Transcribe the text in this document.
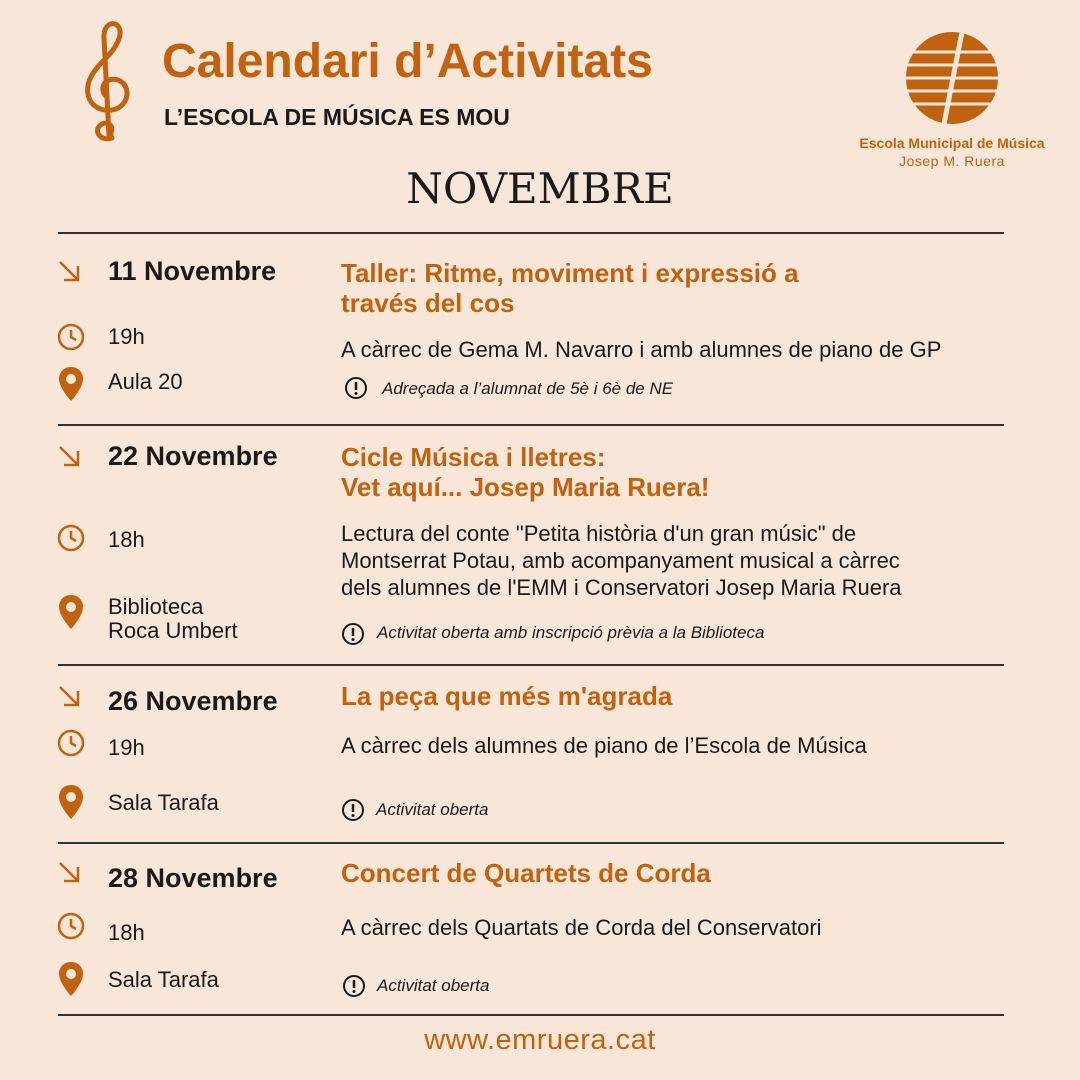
Calendari d’Activitats
L’ESCOLA DE MÚSICA ES MOU
Escola Municipal de Música
Josep M. Ruera
NOVEMBRE
11 Novembre
19h
Aula 20
Taller: Ritme, moviment i expressió a
través del cos
A càrrec de Gema M. Navarro i amb alumnes de piano de GP
Adreçada a l’alumnat de 5è i 6è de NE
22 Novembre
18h
Biblioteca
Roca Umbert
Cicle Música i lletres:
Vet aquí... Josep Maria Ruera!
Lectura del conte "Petita història d'un gran músic" de
Montserrat Potau, amb acompanyament musical a càrrec
dels alumnes de l'EMM i Conservatori Josep Maria Ruera
Activitat oberta amb inscripció prèvia a la Biblioteca
26 Novembre
19h
Sala Tarafa
La peça que més m'agrada
A càrrec dels alumnes de piano de l’Escola de Música
Activitat oberta
28 Novembre
18h
Sala Tarafa
Concert de Quartets de Corda
A càrrec dels Quartats de Corda del Conservatori
Activitat oberta
www.emruera.cat
